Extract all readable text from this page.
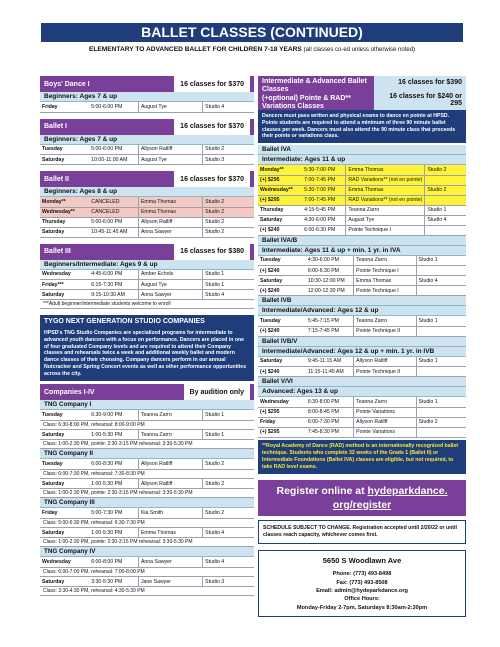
BALLET CLASSES (CONTINUED)
ELEMENTARY TO ADVANCED BALLET FOR CHILDREN 7-18 YEARS (all classes co-ed unless otherwise noted)
Boys' Dance I	16 classes for $370
Beginners: Ages 7 & up
Friday	5:00-6:00 PM	August Tye	Studio 4
Ballet I	16 classes for $370
Beginners: Ages 7 & up
Tuesday	5:00-6:00 PM	Allyson Ratliff	Studio 2
Saturday	10:00-11:00 AM	August Tye	Studio 3
Ballet II	16 classes for $370
Beginners: Ages 8 & up
Monday**	CANCELED	Emma Thomas	Studio 2
Wednesday**	CANCELED	Emma Thomas	Studio 2
Thursday	5:00-6:00 PM	Allyson Ratliff	Studio 2
Saturday	10:45-11:45 AM	Anna Sawyer	Studio 2
Ballet III	16 classes for $380
Beginners/Intermediate: Ages 9 & up
Wednesday	4:45-6:00 PM	Amber Echols	Studio 1
Friday***	6:15-7:30 PM	August Tye	Studio 1
Saturday	9:15-10:30 AM	Anna Sawyer	Studio 4
***Adult beginner/intermediate students welcome to enroll
TYGO NEXT GENERATION STUDIO COMPANIES
HPSD's TNG Studio Companies are specialized programs for intermediate to advanced youth dancers with a focus on performance. Dancers are placed in one of four graduated Company levels and are required to attend their Company classes and rehearsals twice a week and additional weekly ballet and modern dance classes of their choosing. Company dancers perform in our annual Nutcracker and Spring Concert events as well as other performance opportunities across the city.
Companies I-IV	By audition only
TNG Company I
Tuesday	6:30-9:00 PM	Teanna Zarro	Studio 1
Class: 6:30-8:00 PM, rehearsal: 8:00-9:00 PM
Saturday	1:00-5:30 PM	Teanna Zarro	Studio 1
Class: 1:00-2:30 PM, pointe: 2:30-3:15 PM rehearsal: 3:30-5:30 PM
TNG Company II
Tuesday	6:00-8:30 PM	Allyson Ratliff	Studio 2
Class: 6:00-7:30 PM, rehearsal: 7:30-8:30 PM
Saturday	1:00-5:30 PM	Allyson Ratliff	Studio 2
Class: 1:00-2:30 PM, pointe: 2:30-3:15 PM rehearsal: 3:30-5:30 PM
TNG Company III
Friday	5:00-7:30 PM	Kia Smith	Studio 2
Class: 5:00-6:30 PM, rehearsal: 6:30-7:30 PM
Saturday	1:00-5:30 PM	Emma Thomas	Studio 4
Class: 1:00-2:30 PM, pointe: 2:30-3:15 PM rehearsal: 3:30-5:30 PM
TNG Company IV
Wednesday	6:00-8:00 PM	Anna Sawyer	Studio 4
Class: 6:00-7:00 PM, rehearsal: 7:00-8:00 PM
Saturday	3:30-5:30 PM	Jane Sawyer	Studio 3
Class: 3:30-4:30 PM, rehearsal: 4:30-5:30 PM
Intermediate & Advanced Ballet Classes
(+optional) Pointe & RAD** Variations Classes
16 classes for $390
16 classes for $240 or 295
Dancers must pass written and physical exams to dance en pointe at HPSD. Pointe students are required to attend a minimum of three 90 minute ballet classes per week. Dancers must also attend the 90 minute class that proceeds their pointe or variations class.
Ballet IVA
Intermediate: Ages 11 & up
Monday**	5:30-7:00 PM	Emma Thomas	Studio 2
(+) $295	7:00-7:45 PM	RAD Variations** (not en pointe)	
Wednesday**	5:30-7:00 PM	Emma Thomas	Studio 2
(+) $295	7:00-7:45 PM	RAD Variations** (not en pointe)	
Thursday	4:15-5:45 PM	Teanna Zarro	Studio 1
Saturday	4:30-6:00 PM	August Tye	Studio 4
(+) $240	6:00-6:30 PM	Pointe Technique I	
Ballet IVA/B
Intermediate: Ages 11 & up + min. 1 yr. in IVA
Tuesday	4:30-6:00 PM	Teanna Zarro	Studio 1
(+) $240	6:00-6:30 PM	Pointe Technique I	
Saturday	10:30-12:00 PM	Emma Thomas	Studio 4
(+) $240	12:00-12:30 PM	Pointe Technique I	
Ballet IVB
Intermediate/Advanced: Ages 12 & up
Tuesday	5:45-7:15 PM	Teanna Zarro	Studio 1
(+) $240	7:15-7:45 PM	Pointe Technique II	
Ballet IVB/V
Intermediate/Advanced: Ages 12 & up + min. 1 yr. in IVB
Saturday	9:45-11:15 AM	Allyson Ratliff	Studio 1
(+) $240	11:15-11:45 AM	Pointe Technique II	
Ballet V/VI
Advanced: Ages 13 & up
Wednesday	6:30-8:00 PM	Teanna Zarro	Studio 1
(+) $295	8:00-8:45 PM	Pointe Variations	
Friday	6:00-7:30 PM	Allyson Ratliff	Studio 2
(+) $295	7:45-8:30 PM	Pointe Variations	
**Royal Academy of Dance (RAD) method is an internationally recognized ballet technique. Students who complete 32 weeks of the Grade 1 (Ballet II) or Intermediate Foundations (Ballet IVA) classes are eligible, but not required, to take RAD level exams.
Register online at hydeparkdance.
org/register
SCHEDULE SUBJECT TO CHANGE. Registration accepted until 2/20/22 or until classes reach capacity, whichever comes first.
5650 S Woodlawn Ave
Phone: (773) 493-8498
Fax: (773) 493-8508
Email: admin@hydeparkdance.org
Office Hours:
Monday-Friday 2-7pm, Saturdays 8:30am-2:30pm
